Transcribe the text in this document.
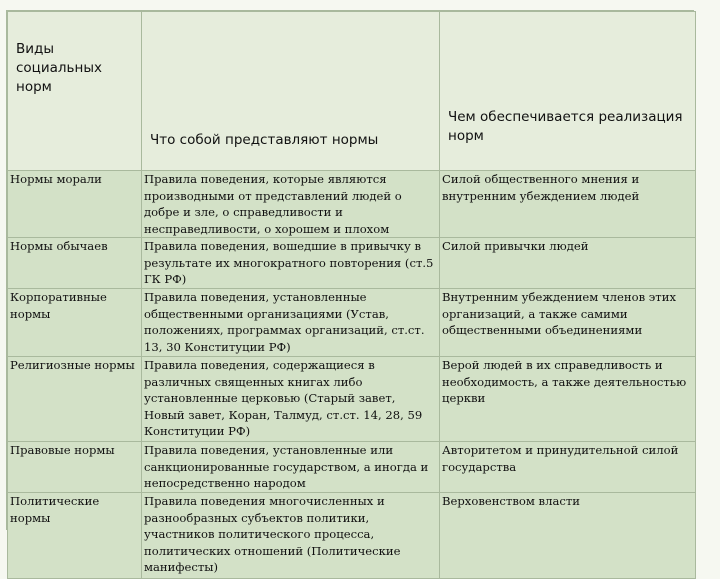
Виды социальных норм	Что собой представляют нормы	Чем обеспечивается реализация норм
Нормы морали	Правила поведения, которые являются производными от представлений людей о добре и зле, о справедливости и несправедливости, о хорошем и плохом	Силой общественного мнения и внутренним убеждением людей
Нормы обычаев	Правила поведения, вошедшие в привычку в результате их многократного повторения (ст.5 ГК РФ)	Силой привычки людей
Корпоративные нормы	Правила поведения, установленные общественными организациями (Устав, положениях, программах организаций, ст.ст. 13, 30 Конституции РФ)	Внутренним убеждением членов этих организаций, а также самими общественными объединениями
Религиозные нормы	Правила поведения, содержащиеся в различных священных книгах либо установленные церковью (Старый завет, Новый завет, Коран, Талмуд, ст.ст. 14, 28, 59 Конституции РФ)	Верой людей в их справедливость и необходимость, а также деятельностью церкви
Правовые нормы	Правила поведения, установленные или санкционированные государством, а иногда и непосредственно народом	Авторитетом и принудительной силой государства
Политические нормы	Правила поведения многочисленных и разнообразных субъектов политики, участников политического процесса, политических отношений (Политические манифесты)	Верховенством власти
